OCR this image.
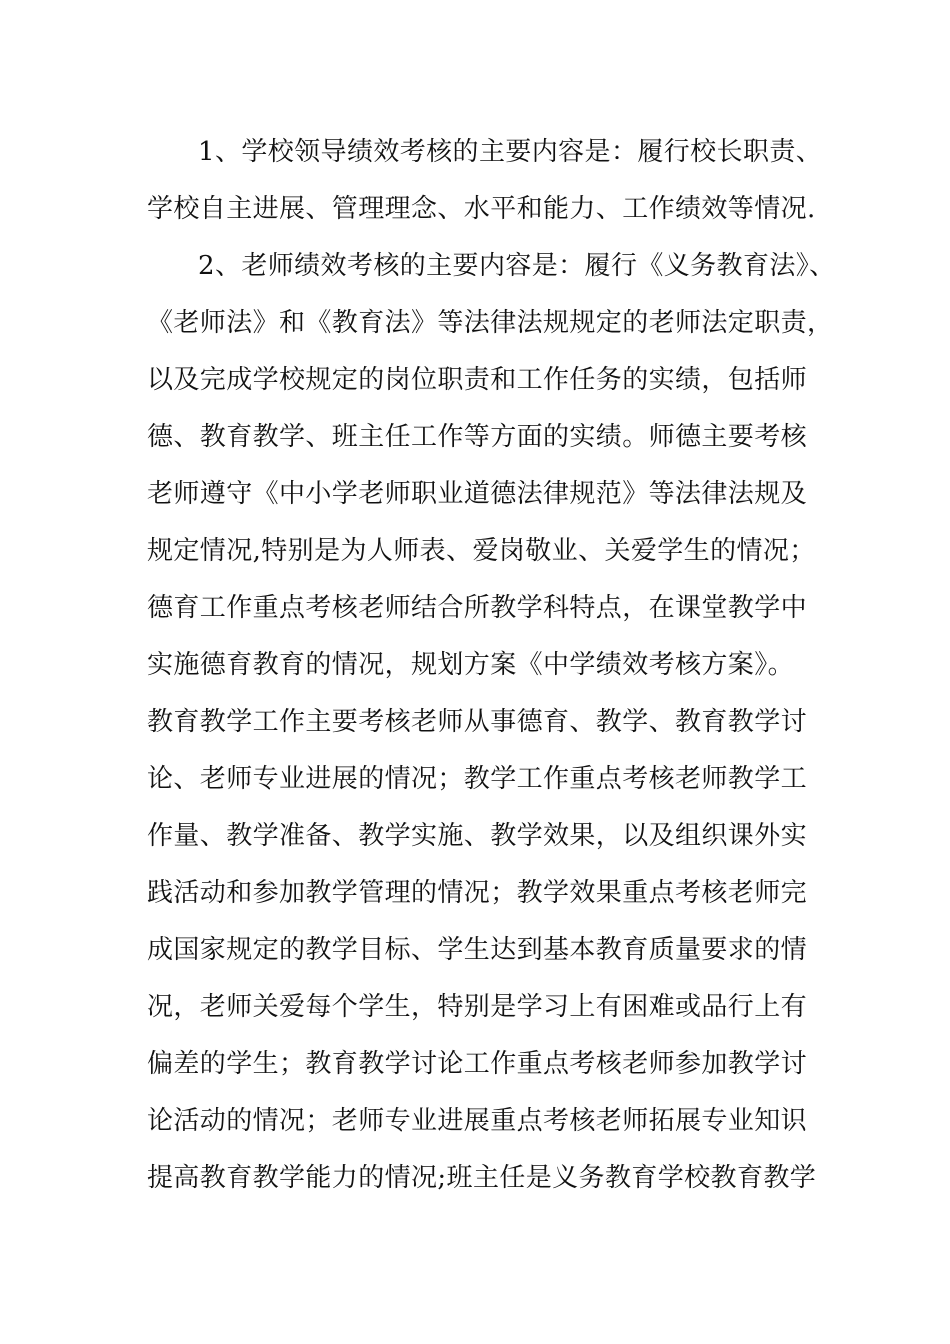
1、学校领导绩效考核的主要内容是：履行校长职责、
学校自主进展、管理理念、水平和能力、工作绩效等情况.
2、老师绩效考核的主要内容是：履行《义务教育法》、
《老师法》和《教育法》等法律法规规定的老师法定职责，
以及完成学校规定的岗位职责和工作任务的实绩，包括师
德、教育教学、班主任工作等方面的实绩。师德主要考核
老师遵守《中小学老师职业道德法律规范》等法律法规及
规定情况,特别是为人师表、爱岗敬业、关爱学生的情况；
德育工作重点考核老师结合所教学科特点，在课堂教学中
实施德育教育的情况，规划方案《中学绩效考核方案》。
教育教学工作主要考核老师从事德育、教学、教育教学讨
论、老师专业进展的情况；教学工作重点考核老师教学工
作量、教学准备、教学实施、教学效果，以及组织课外实
践活动和参加教学管理的情况；教学效果重点考核老师完
成国家规定的教学目标、学生达到基本教育质量要求的情
况，老师关爱每个学生，特别是学习上有困难或品行上有
偏差的学生；教育教学讨论工作重点考核老师参加教学讨
论活动的情况；老师专业进展重点考核老师拓展专业知识
提高教育教学能力的情况;班主任是义务教育学校教育教学
